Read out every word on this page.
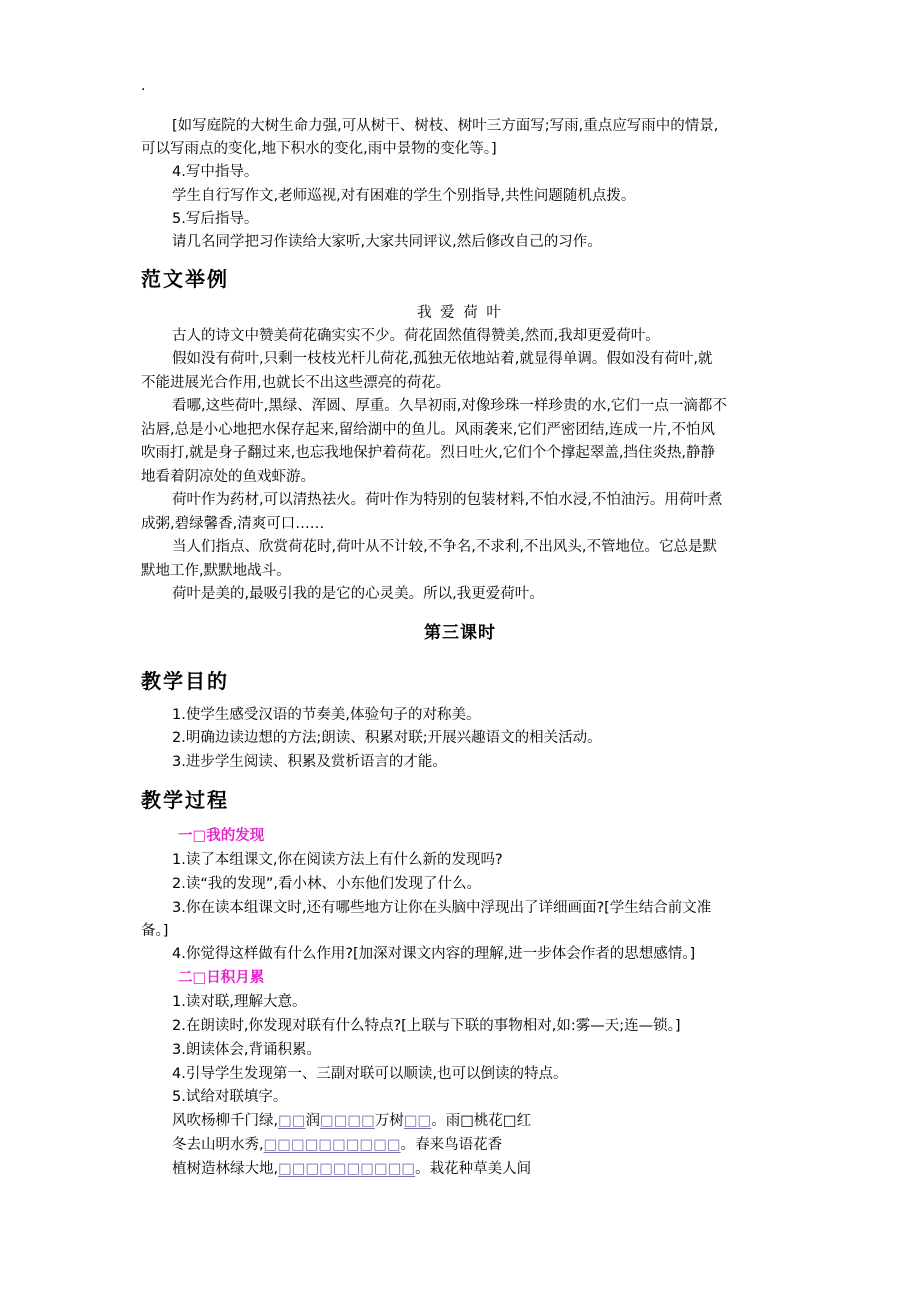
.
[如写庭院的大树生命力强,可从树干、树枝、树叶三方面写;写雨,重点应写雨中的情景,
可以写雨点的变化,地下积水的变化,雨中景物的变化等。]
4.写中指导。
学生自行写作文,老师巡视,对有困难的学生个别指导,共性问题随机点拨。
5.写后指导。
请几名同学把习作读给大家听,大家共同评议,然后修改自己的习作。
范文举例
我 爱 荷 叶
古人的诗文中赞美荷花确实实不少。荷花固然值得赞美,然而,我却更爱荷叶。
假如没有荷叶,只剩一枝枝光杆儿荷花,孤独无依地站着,就显得单调。假如没有荷叶,就
不能进展光合作用,也就长不出这些漂亮的荷花。
看哪,这些荷叶,黑绿、浑圆、厚重。久旱初雨,对像珍珠一样珍贵的水,它们一点一滴都不
沾唇,总是小心地把水保存起来,留给湖中的鱼儿。风雨袭来,它们严密团结,连成一片,不怕风
吹雨打,就是身子翻过来,也忘我地保护着荷花。烈日吐火,它们个个撑起翠盖,挡住炎热,静静
地看着阴凉处的鱼戏虾游。
荷叶作为药材,可以清热祛火。荷叶作为特别的包装材料,不怕水浸,不怕油污。用荷叶煮
成粥,碧绿馨香,清爽可口……
当人们指点、欣赏荷花时,荷叶从不计较,不争名,不求利,不出风头,不管地位。它总是默
默地工作,默默地战斗。
荷叶是美的,最吸引我的是它的心灵美。所以,我更爱荷叶。
第三课时
教学目的
1.使学生感受汉语的节奏美,体验句子的对称美。
2.明确边读边想的方法;朗读、积累对联;开展兴趣语文的相关活动。
3.进步学生阅读、积累及赏析语言的才能。
教学过程
一□我的发现
1.读了本组课文,你在阅读方法上有什么新的发现吗?
2.读“我的发现”,看小林、小东他们发现了什么。
3.你在读本组课文时,还有哪些地方让你在头脑中浮现出了详细画面?[学生结合前文准
备。]
4.你觉得这样做有什么作用?[加深对课文内容的理解,进一步体会作者的思想感情。]
二□日积月累
1.读对联,理解大意。
2.在朗读时,你发现对联有什么特点?[上联与下联的事物相对,如:雾—天;连—锁。]
3.朗读体会,背诵积累。
4.引导学生发现第一、三副对联可以顺读,也可以倒读的特点。
5.试给对联填字。
风吹杨柳千门绿,□□润□□□□万树□□。雨□桃花□红
冬去山明水秀,□□□□□□□□□□。春来鸟语花香
植树造林绿大地,□□□□□□□□□□。栽花种草美人间
